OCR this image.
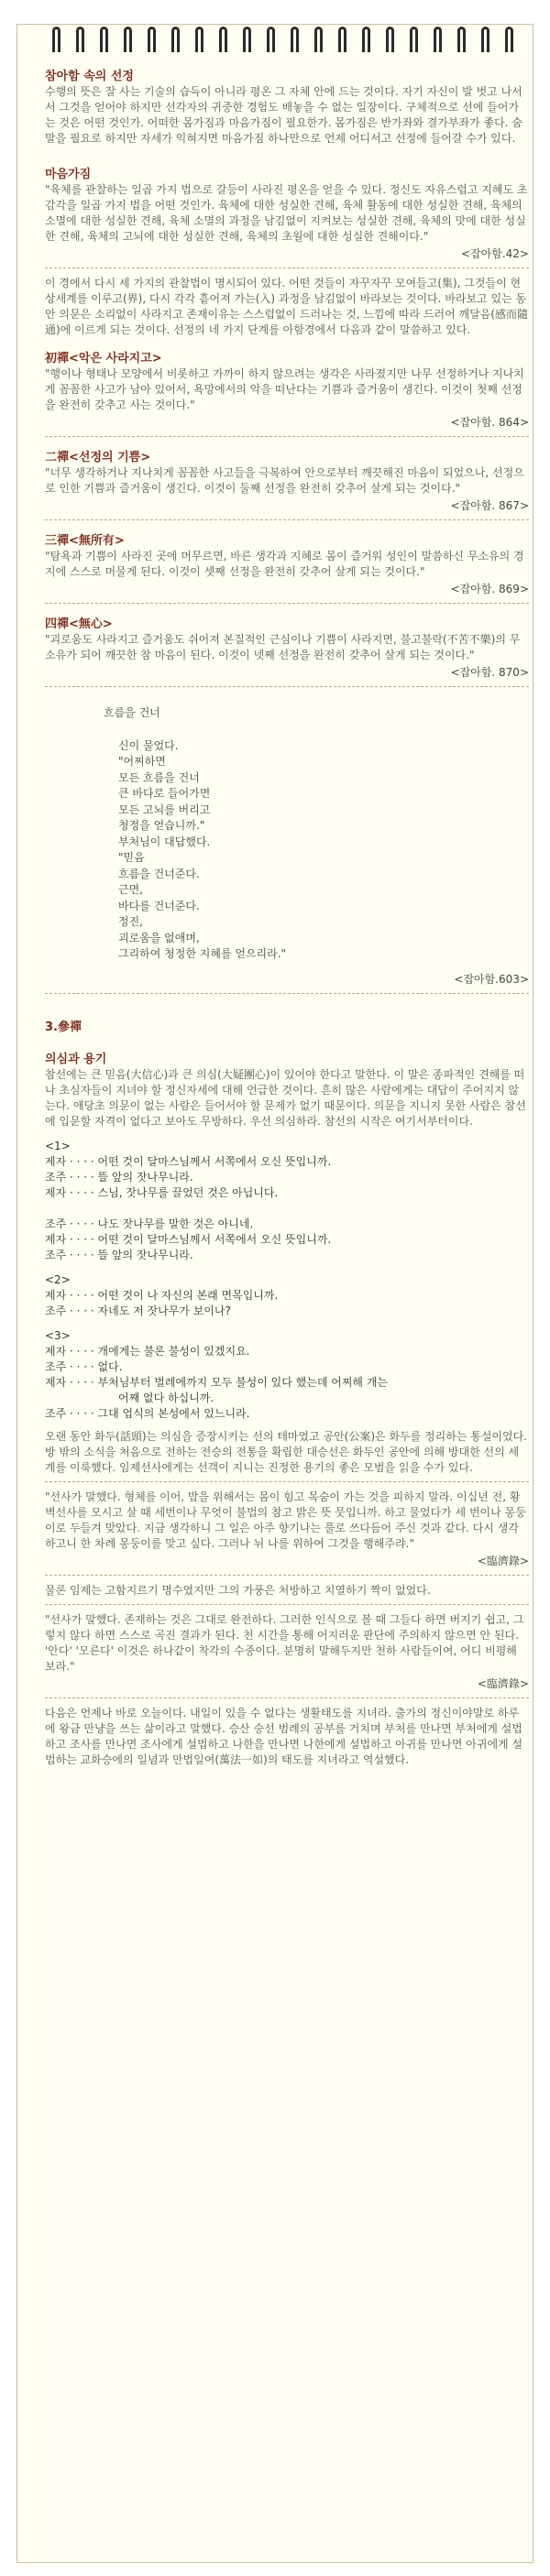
참아함 속의 선정

수행의 뜻은 잘 사는 기술의 습득이 아니라 평온 그 자체 안에 드는 것이다. 자기 자신이 발 벗고 나서서 그것을 얻어야 하지만 선각자의 귀중한 경험도 배놓을 수 없는 일장이다. 구체적으로 선에 들어가는 것은 어떤 것인가. 어떠한 몸가짐과 마음가짐이 필요한가. 몸가짐은 반가좌와 결가부좌가 좋다. 숨말을 필요로 하지만 자세가 익혀지면 마음가짐 하나만으로 언제 어디서고 선정에 들어갈 수가 있다.

마음가짐

"육체를 관찰하는 일곱 가지 법으로 갈등이 사라진 평온을 얻을 수 있다. 정신도 자유스럽고 지혜도 초감각을 일곱 가지 법을 어떤 것인가. 육체에 대한 성실한 견해, 육체 활동에 대한 성실한 견해, 육체의 소멸에 대한 성실한 견해, 육체 소멸의 과정을 남김없이 지켜보는 성실한 견해, 육체의 맛에 대한 성실한 견해, 육체의 고뇌에 대한 성실한 견해, 육체의 초월에 대한 성실한 견해이다."

<잡아함.42>

이 경에서 다시 세 가지의 관찰법이 명시되어 있다. 어떤 것들이 자꾸자꾸 모여들고(集), 그것들이 현상세계를 이루고(界), 다시 각각 흩어져 가는(入) 과정을 남김없이 바라보는 것이다. 바라보고 있는 동안 의문은 소리없이 사라지고 존재이유는 스스럽없이 드러나는 것, 느낌에 따라 드러어 깨달음(感而隨通)에 이르게 되는 것이다. 선정의 네 가지 단계를 아함경에서 다음과 같이 말씀하고 있다.

初禪<악은 사라지고>

"행이나 형태나 모양에서 비롯하고 가까이 하지 않으려는 생각은 사라졌지만 나무 선정하거나 지나치게 꼼꼼한 사고가 남아 있어서, 욕망에서의 악을 떠난다는 기쁨과 즐거움이 생긴다. 이것이 첫째 선정을 완전히 갖추고 사는 것이다."

<잡아함. 864>

二禪<선정의 기쁨>

"너무 생각하거나 지나치게 꼼꼼한 사고들을 극복하여 안으로부터 깨끗해진 마음이 되었으나, 선정으로 인한 기쁨과 즐거움이 생긴다. 이것이 둘째 선정을 완전히 갖추어 살게 되는 것이다."

<잡아함. 867>

三禪<無所有>

"탐욕과 기쁨이 사라진 곳에 머무르면, 바른 생각과 지혜로 몸이 즐거워 성인이 말씀하신 무소유의 경지에 스스로 머물게 된다. 이것이 셋째 선정을 완전히 갖추어 살게 되는 것이다."

<잡아함. 869>

四禪<無心>

"괴로움도 사라지고 즐거움도 쉬어져 본질적인 근심이나 기쁨이 사라지면, 불고불락(不苦不樂)의 무소유가 되어 깨끗한 참 마음이 된다. 이것이 넷째 선정을 완전히 갖추어 살게 되는 것이다."

<잡아함. 870>

흐름을 건너

신이 물었다.

"어찌하면

모든 흐름을 건너

큰 바다로 들어가면

모든 고뇌를 버리고

청정을 얻습니까."

부처님이 대답했다.

"믿음

흐름을 건너준다.

근면,

바다를 건너준다.

정진,

괴로움을 없애며,

그리하여 청정한 지혜를 얻으리라."

<잡아함.603>

3.參禪

의심과 용기

참선에는 큰 믿음(大信心)과 큰 의심(大疑團心)이 있어야 한다고 말한다. 이 말은 종파적인 견해를 떠나 초심자들이 지녀야 할 정신자세에 대해 언급한 것이다. 흔히 많은 사람에게는 대답이 주어지지 않는다. 애당초 의문이 없는 사람은 들어서야 할 문제가 없기 때문이다. 의문을 지니지 못한 사람은 참선에 입문할 자격이 없다고 보아도 무방하다. 우선 의심하라. 참선의 시작은 여기서부터이다.

<1>

제자 · · · · 어떤 것이 달마스님께서 서쪽에서 오신 뜻입니까.

조주 · · · · 뜰 앞의 잣나무니라.

제자 · · · · 스님, 잣나무를 끌었던 것은 아닙니다.

조주 · · · · 나도 잣나무를 말한 것은 아니네.

제자 · · · · 어떤 것이 달마스님께서 서쪽에서 오신 뜻입니까.

조주 · · · · 뜰 앞의 잣나무니라.

<2>

제자 · · · · 어떤 것이 나 자신의 본래 면목입니까.

조주 · · · · 자네도 저 잣나무가 보이나?

<3>

제자 · · · · 개에게는 불론 불성이 있겠지요.

조주 · · · · 없다.

제자 · · · · 부처님부터 벌레에까지 모두 불성이 있다 했는데 어찌해 개는

어째 없다 하십니까.

조주 · · · · 그대 업식의 본성에서 있느니라.

오랜 동안 화두(話頭)는 의심을 증장시키는 선의 테마였고 공안(公案)은 화두를 정리하는 통설이었다. 방 밖의 소식을 처음으로 전하는 전승의 전통을 확립한 대승선은 화두인 공안에 의해 방대한 선의 세계를 이룩했다. 임제선사에게는 선객이 지니는 진정한 용기의 좋은 모범을 읽을 수가 있다.

"선사가 말했다. 형체를 이어, 밥을 위해서는 몸이 힘고 목숨이 가는 것을 피하지 말라. 이십년 전, 황벽선사를 모시고 살 때 세번이나 무엇이 불법의 참고 밝은 뜻 뭇입니까. 하고 물었다가 세 번이나 몽둥이로 두들겨 맞았다. 지금 생각하니 그 일은 아주 향기나는 풀로 쓰다듬어 주신 것과 같다. 다시 생각하고니 한 차례 몽둥이를 맞고 싶다. 그러나 뉘 나를 위하여 그것을 행해주랴."

<臨濟錄>

물론 임제는 고함지르기 명수였지만 그의 가풍은 처방하고 치열하기 짝이 없었다.

"선사가 말했다. 존재하는 것은 그대로 완전하다. 그러한 인식으로 볼 때 그들다 하면 버지기 쉽고, 그렇지 않다 하면 스스로 곡진 결과가 된다. 천 시간을 통해 어지러운 판단에 주의하지 않으면 안 된다. '안다' '모른다' 이것은 하나같이 착각의 수중이다. 분명히 말해두지만 천하 사람들이여, 어디 비평해 보라."

<臨濟錄>

다음은 언제나 바로 오늘이다. 내일이 있을 수 없다는 생활태도를 지녀라. 출가의 정신이야말로 하루에 왕금 만냥을 쓰는 삶이라고 말했다. 승산 숭선 범례의 공부를 거치며 부처를 만나면 부처에게 설법하고 조사를 만나면 조사에게 설법하고 나한을 만나면 나한에게 설법하고 아귀를 만나면 아귀에게 설법하는 교화승에의 일념과 만법일여(萬法一如)의 태도를 지녀라고 역설했다.
